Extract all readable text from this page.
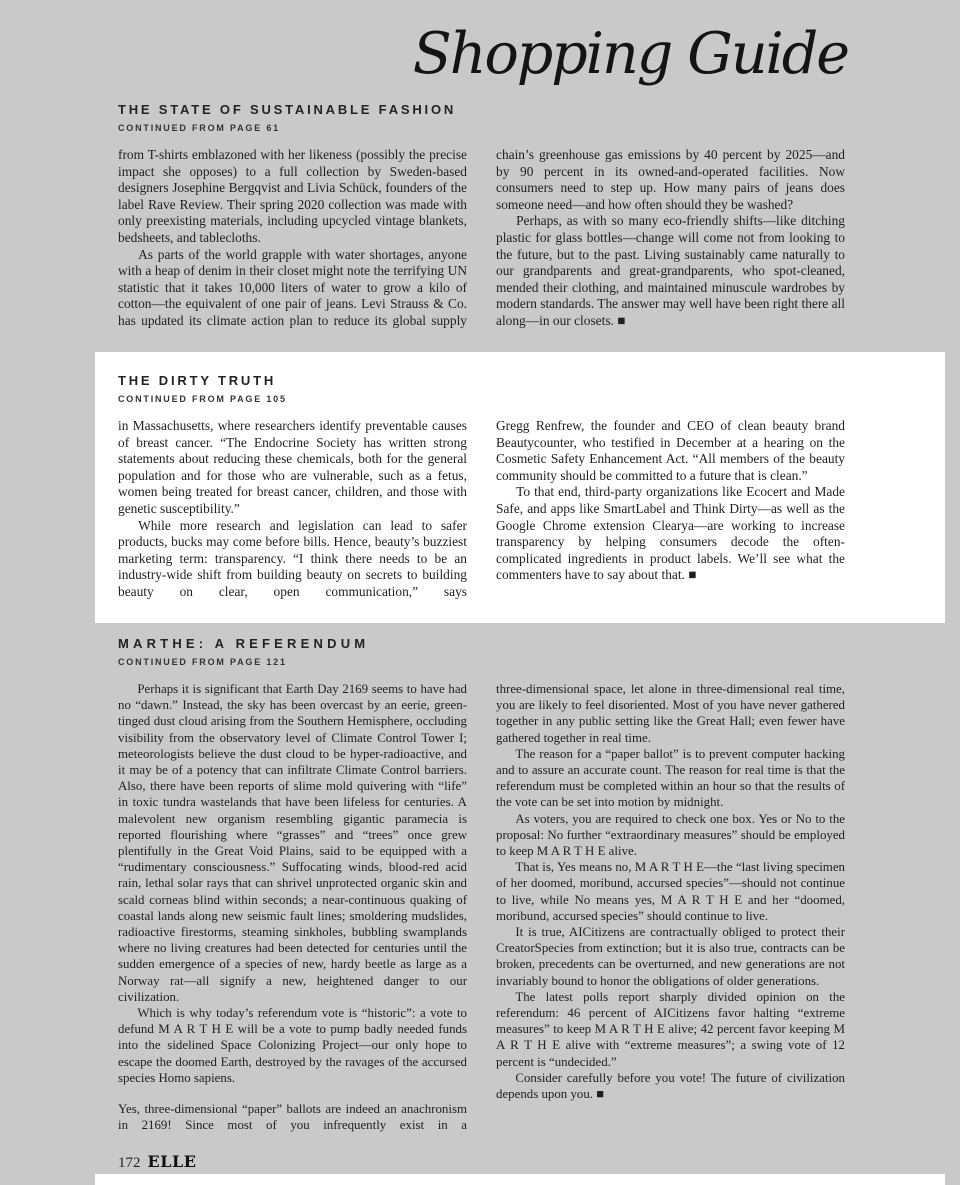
Shopping Guide
THE STATE OF SUSTAINABLE FASHION
CONTINUED FROM PAGE 61

from T-shirts emblazoned with her likeness (possibly the precise impact she opposes) to a full collection by Sweden-based designers Josephine Bergqvist and Livia Schück, founders of the label Rave Review. Their spring 2020 collection was made with only preexisting materials, including upcycled vintage blankets, bedsheets, and tablecloths.

As parts of the world grapple with water shortages, anyone with a heap of denim in their closet might note the terrifying UN statistic that it takes 10,000 liters of water to grow a kilo of cotton—the equivalent of one pair of jeans. Levi Strauss & Co. has updated its climate action plan to reduce its global supply

chain’s greenhouse gas emissions by 40 percent by 2025—and by 90 percent in its owned-and-operated facilities. Now consumers need to step up. How many pairs of jeans does someone need—and how often should they be washed?

Perhaps, as with so many eco-friendly shifts—like ditching plastic for glass bottles—change will come not from looking to the future, but to the past. Living sustainably came naturally to our grandparents and great-grandparents, who spot-cleaned, mended their clothing, and maintained minuscule wardrobes by modern standards. The answer may well have been right there all along—in our closets. ■

THE DIRTY TRUTH
CONTINUED FROM PAGE 105

in Massachusetts, where researchers identify preventable causes of breast cancer. “The Endocrine Society has written strong statements about reducing these chemicals, both for the general population and for those who are vulnerable, such as a fetus, women being treated for breast cancer, children, and those with genetic susceptibility.”

While more research and legislation can lead to safer products, bucks may come before bills. Hence, beauty’s buzziest marketing term: transparency. “I think there needs to be an industry-wide shift from building beauty on secrets to building beauty on clear, open communication,” says

Gregg Renfrew, the founder and CEO of clean beauty brand Beautycounter, who testified in December at a hearing on the Cosmetic Safety Enhancement Act. “All members of the beauty community should be committed to a future that is clean.”

To that end, third-party organizations like Ecocert and Made Safe, and apps like SmartLabel and Think Dirty—as well as the Google Chrome extension Clearya—are working to increase transparency by helping consumers decode the often-complicated ingredients in product labels. We’ll see what the commenters have to say about that. ■

MARTHE: A REFERENDUM
CONTINUED FROM PAGE 121

Perhaps it is significant that Earth Day 2169 seems to have had no “dawn.” Instead, the sky has been overcast by an eerie, green-tinged dust cloud arising from the Southern Hemisphere, occluding visibility from the observatory level of Climate Control Tower I; meteorologists believe the dust cloud to be hyper-radioactive, and it may be of a potency that can infiltrate Climate Control barriers. Also, there have been reports of slime mold quivering with “life” in toxic tundra wastelands that have been lifeless for centuries. A malevolent new organism resembling gigantic paramecia is reported flourishing where “grasses” and “trees” once grew plentifully in the Great Void Plains, said to be equipped with a “rudimentary consciousness.” Suffocating winds, blood-red acid rain, lethal solar rays that can shrivel unprotected organic skin and scald corneas blind within seconds; a near-continuous quaking of coastal lands along new seismic fault lines; smoldering mudslides, radioactive firestorms, steaming sinkholes, bubbling swamplands where no living creatures had been detected for centuries until the sudden emergence of a species of new, hardy beetle as large as a Norway rat—all signify a new, heightened danger to our civilization.

Which is why today’s referendum vote is “historic”: a vote to defund M A R T H E will be a vote to pump badly needed funds into the sidelined Space Colonizing Project—our only hope to escape the doomed Earth, destroyed by the ravages of the accursed species Homo sapiens.

Yes, three-dimensional “paper” ballots are indeed an anachronism in 2169! Since most of you infrequently exist in a

three-dimensional space, let alone in three-dimensional real time, you are likely to feel disoriented. Most of you have never gathered together in any public setting like the Great Hall; even fewer have gathered together in real time.

The reason for a “paper ballot” is to prevent computer hacking and to assure an accurate count. The reason for real time is that the referendum must be completed within an hour so that the results of the vote can be set into motion by midnight.

As voters, you are required to check one box. Yes or No to the proposal: No further “extraordinary measures” should be employed to keep M A R T H E alive.

That is, Yes means no, M A R T H E—the “last living specimen of her doomed, moribund, accursed species”—should not continue to live, while No means yes, M A R T H E and her “doomed, moribund, accursed species” should continue to live.

It is true, AICitizens are contractually obliged to protect their CreatorSpecies from extinction; but it is also true, contracts can be broken, precedents can be overturned, and new generations are not invariably bound to honor the obligations of older generations.

The latest polls report sharply divided opinion on the referendum: 46 percent of AICitizens favor halting “extreme measures” to keep M A R T H E alive; 42 percent favor keeping M A R T H E alive with “extreme measures”; a swing vote of 12 percent is “undecided.”

Consider carefully before you vote! The future of civilization depends upon you. ■

172 ELLE
